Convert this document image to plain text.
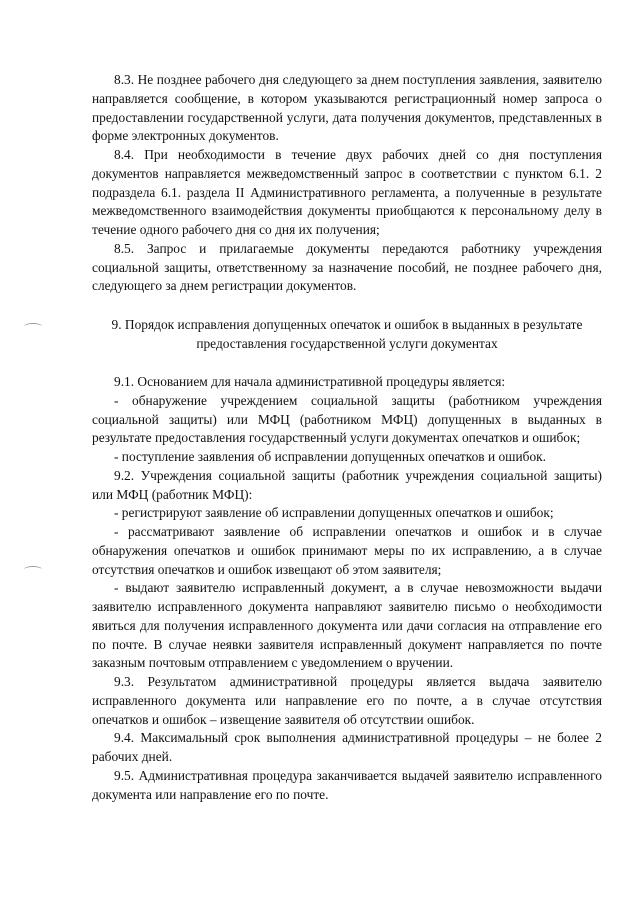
8.3. Не позднее рабочего дня следующего за днем поступления заявления, заявителю направляется сообщение, в котором указываются регистрационный номер запроса о предоставлении государственной услуги, дата получения документов, представленных в форме электронных документов.

8.4. При необходимости в течение двух рабочих дней со дня поступления документов направляется межведомственный запрос в соответствии с пунктом 6.1. 2 подраздела 6.1. раздела II Административного регламента, а полученные в результате межведомственного взаимодействия документы приобщаются к персональному делу в течение одного рабочего дня со дня их получения;

8.5. Запрос и прилагаемые документы передаются работнику учреждения социальной защиты, ответственному за назначение пособий, не позднее рабочего дня, следующего за днем регистрации документов.

9. Порядок исправления допущенных опечаток и ошибок в выданных в результате предоставления государственной услуги документах

9.1. Основанием для начала административной процедуры является:

- обнаружение учреждением социальной защиты (работником учреждения социальной защиты) или МФЦ (работником МФЦ) допущенных в выданных в результате предоставления государственный услуги документах опечатков и ошибок;

- поступление заявления об исправлении допущенных опечатков и ошибок.

9.2. Учреждения социальной защиты (работник учреждения социальной защиты) или МФЦ (работник МФЦ):

- регистрируют заявление об исправлении допущенных опечатков и ошибок;

- рассматривают заявление об исправлении опечатков и ошибок и в случае обнаружения опечатков и ошибок принимают меры по их исправлению, а в случае отсутствия опечатков и ошибок извещают об этом заявителя;

- выдают заявителю исправленный документ, а в случае невозможности выдачи заявителю исправленного документа направляют заявителю письмо о необходимости явиться для получения исправленного документа или дачи согласия на отправление его по почте. В случае неявки заявителя исправленный документ направляется по почте заказным почтовым отправлением с уведомлением о вручении.

9.3. Результатом административной процедуры является выдача заявителю исправленного документа или направление его по почте, а в случае отсутствия опечатков и ошибок – извещение заявителя об отсутствии ошибок.

9.4. Максимальный срок выполнения административной процедуры – не более 2 рабочих дней.

9.5. Административная процедура заканчивается выдачей заявителю исправленного документа или направление его по почте.
